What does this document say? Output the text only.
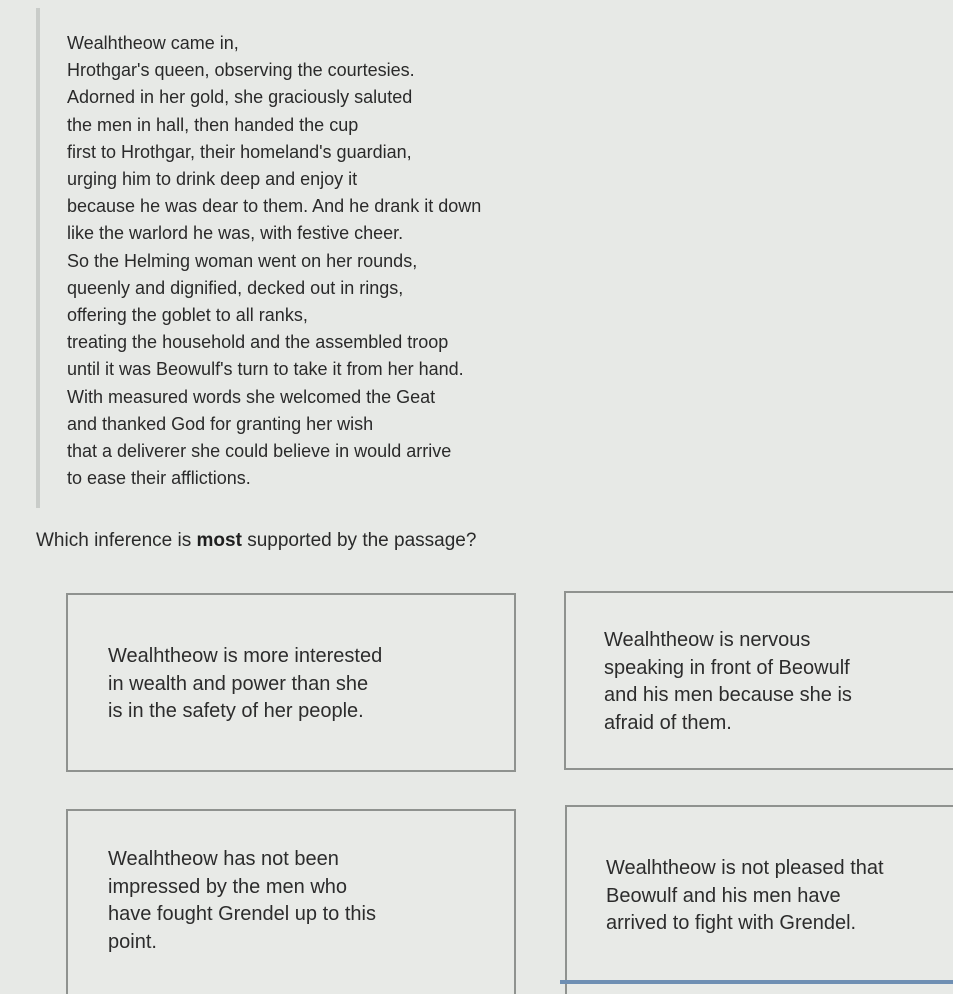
Wealhtheow came in,
Hrothgar's queen, observing the courtesies.
Adorned in her gold, she graciously saluted
the men in hall, then handed the cup
first to Hrothgar, their homeland's guardian,
urging him to drink deep and enjoy it
because he was dear to them. And he drank it down
like the warlord he was, with festive cheer.
So the Helming woman went on her rounds,
queenly and dignified, decked out in rings,
offering the goblet to all ranks,
treating the household and the assembled troop
until it was Beowulf's turn to take it from her hand.
With measured words she welcomed the Geat
and thanked God for granting her wish
that a deliverer she could believe in would arrive
to ease their afflictions.
Which inference is most supported by the passage?
Wealhtheow is more interested
in wealth and power than she
is in the safety of her people.
Wealhtheow is nervous
speaking in front of Beowulf
and his men because she is
afraid of them.
Wealhtheow has not been
impressed by the men who
have fought Grendel up to this
point.
Wealhtheow is not pleased that
Beowulf and his men have
arrived to fight with Grendel.
